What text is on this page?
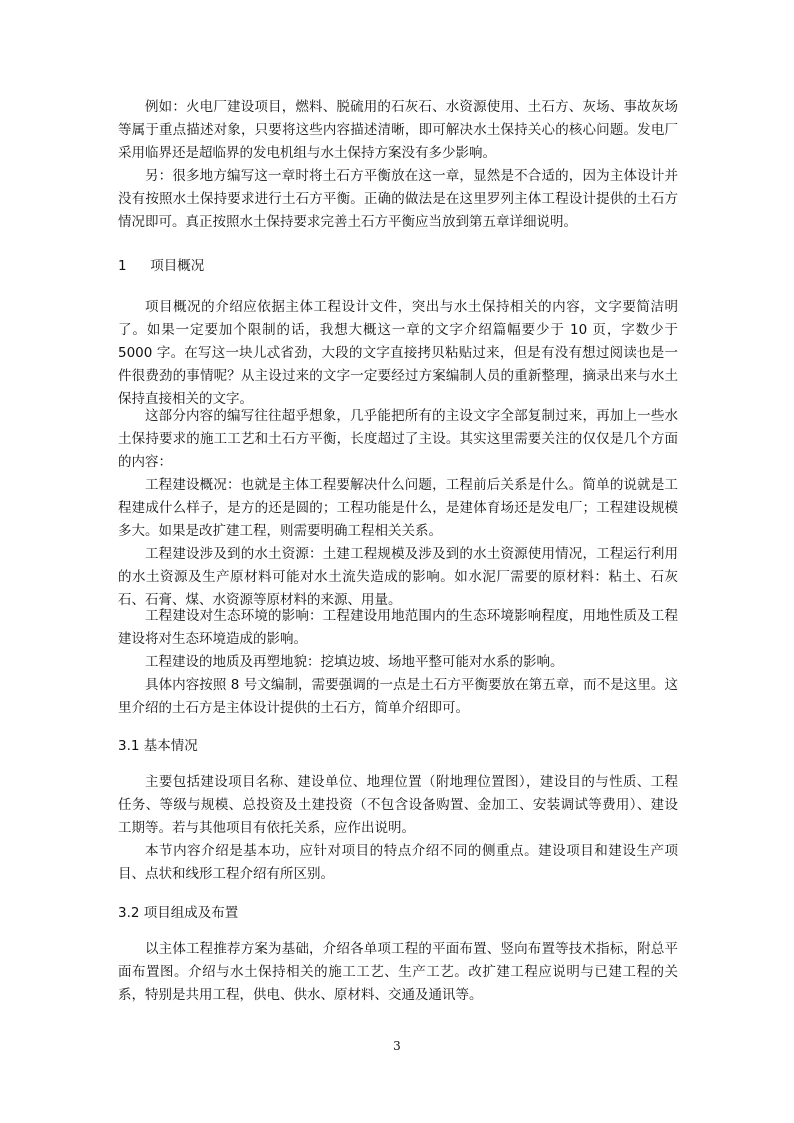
例如：火电厂建设项目，燃料、脱硫用的石灰石、水资源使用、土石方、灰场、事故灰场等属于重点描述对象，只要将这些内容描述清晰，即可解决水土保持关心的核心问题。发电厂采用临界还是超临界的发电机组与水土保持方案没有多少影响。

另：很多地方编写这一章时将土石方平衡放在这一章，显然是不合适的，因为主体设计并没有按照水土保持要求进行土石方平衡。正确的做法是在这里罗列主体工程设计提供的土石方情况即可。真正按照水土保持要求完善土石方平衡应当放到第五章详细说明。

1 项目概况

项目概况的介绍应依据主体工程设计文件，突出与水土保持相关的内容，文字要简洁明了。如果一定要加个限制的话，我想大概这一章的文字介绍篇幅要少于 10 页，字数少于 5000 字。在写这一块儿忒省劲，大段的文字直接拷贝粘贴过来，但是有没有想过阅读也是一件很费劲的事情呢？从主设过来的文字一定要经过方案编制人员的重新整理，摘录出来与水土保持直接相关的文字。

这部分内容的编写往往超乎想象，几乎能把所有的主设文字全部复制过来，再加上一些水土保持要求的施工工艺和土石方平衡，长度超过了主设。其实这里需要关注的仅仅是几个方面的内容：

工程建设概况：也就是主体工程要解决什么问题，工程前后关系是什么。简单的说就是工程建成什么样子，是方的还是圆的；工程功能是什么，是建体育场还是发电厂；工程建设规模多大。如果是改扩建工程，则需要明确工程相关关系。

工程建设涉及到的水土资源：土建工程规模及涉及到的水土资源使用情况，工程运行利用的水土资源及生产原材料可能对水土流失造成的影响。如水泥厂需要的原材料：粘土、石灰石、石膏、煤、水资源等原材料的来源、用量。

工程建设对生态环境的影响：工程建设用地范围内的生态环境影响程度，用地性质及工程建设将对生态环境造成的影响。

工程建设的地质及再塑地貌：挖填边坡、场地平整可能对水系的影响。

具体内容按照 8 号文编制，需要强调的一点是土石方平衡要放在第五章，而不是这里。这里介绍的土石方是主体设计提供的土石方，简单介绍即可。

3.1 基本情况

主要包括建设项目名称、建设单位、地理位置（附地理位置图），建设目的与性质、工程任务、等级与规模、总投资及土建投资（不包含设备购置、金加工、安装调试等费用）、建设工期等。若与其他项目有依托关系，应作出说明。

本节内容介绍是基本功，应针对项目的特点介绍不同的侧重点。建设项目和建设生产项目、点状和线形工程介绍有所区别。

3.2 项目组成及布置

以主体工程推荐方案为基础，介绍各单项工程的平面布置、竖向布置等技术指标，附总平面布置图。介绍与水土保持相关的施工工艺、生产工艺。改扩建工程应说明与已建工程的关系，特别是共用工程，供电、供水、原材料、交通及通讯等。

3
